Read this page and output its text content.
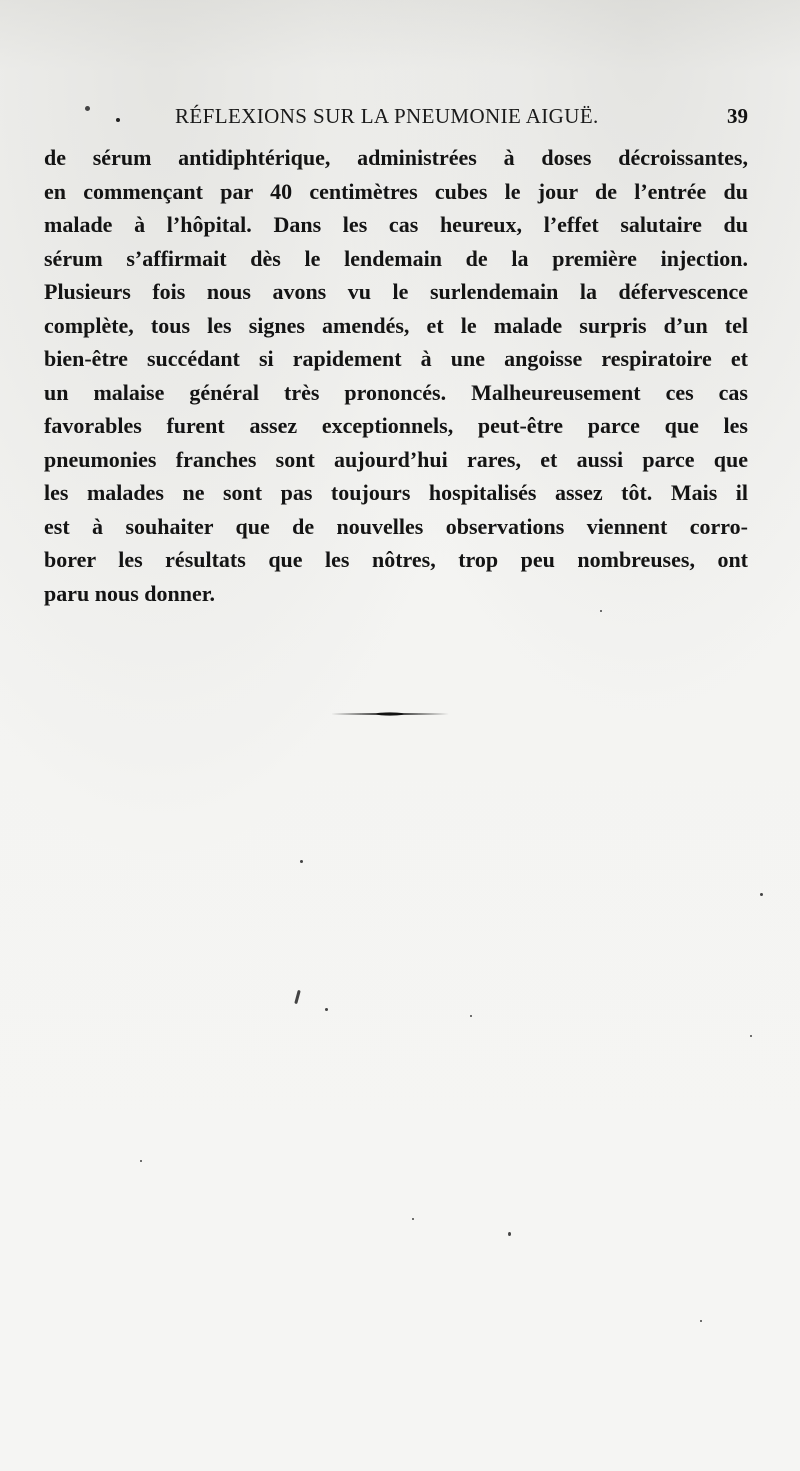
RÉFLEXIONS SUR LA PNEUMONIE AIGUË.	39
de sérum antidiphtérique, administrées à doses décroissantes,
en commençant par 40 centimètres cubes le jour de l’entrée du
malade à l’hôpital. Dans les cas heureux, l’effet salutaire du
sérum s’affirmait dès le lendemain de la première injection.
Plusieurs fois nous avons vu le surlendemain la défervescence
complète, tous les signes amendés, et le malade surpris d’un tel
bien-être succédant si rapidement à une angoisse respiratoire et
un malaise général très prononcés. Malheureusement ces cas
favorables furent assez exceptionnels, peut-être parce que les
pneumonies franches sont aujourd’hui rares, et aussi parce que
les malades ne sont pas toujours hospitalisés assez tôt. Mais il
est à souhaiter que de nouvelles observations viennent corro-
borer les résultats que les nôtres, trop peu nombreuses, ont
paru nous donner.
